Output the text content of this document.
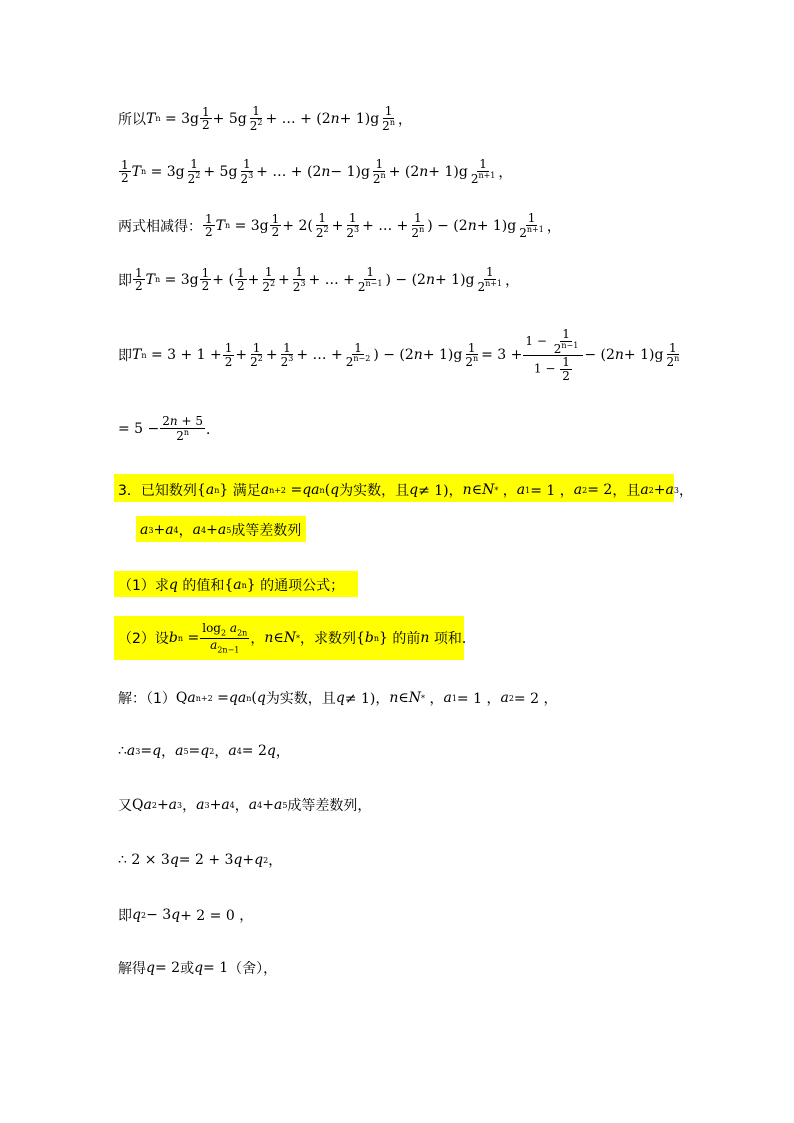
所以 T $n = 3g \frac{1}{2} + 5g \frac{1}{2^2}$ + … + (2 $n + 1)g \frac{1}{2^n}$ ，
$\frac{1}{2}$ T $n = 3g \frac{1}{2^2} + 5g \frac{1}{2^3}$ + … + (2 $n - 1)g \frac{1}{2^n} + (2$ $n + 1)g \frac{1}{2^{n+1}}$ ，
两式相减得： $\frac{1}{2}$ T $n = 3g \frac{1}{2} + 2( \frac{1}{2^2} + \frac{1}{2^3}$ + … + $\frac{1}{2^n}$ ) − (2 $n + 1)g \frac{1}{2^{n+1}}$ ，
即 $\frac{1}{2}$ T $n = 3g \frac{1}{2}$ + ( $\frac{1}{2} + \frac{1}{2^2} + \frac{1}{2^3}$ + … + $\frac{1}{2^{n-1}}$ ) − (2 $n + 1)g \frac{1}{2^{n+1}}$ ，
即 T $n = 3 + 1 + \frac{1}{2} + \frac{1}{2^2} + \frac{1}{2^3}$ + … + $\frac{1}{2^{n-2}}$ ) − (2 $n + 1)g \frac{1}{2^n} = 3 + \frac{1 - \frac{1}{2^{n-1}}}{1 - \frac{1}{2}} - (2$ $n + 1)g \frac{1}{2^n}$
= $5 - \frac{2n + 5}{2^n}$ ．
3．已知数列 { a n } 满足 a n+2 = qa n ( q 为实数，且 q ≠ 1)， n ∈ N *
， a 1 = 1 ， a 2 = 2 ，且 a 2 + a 3 ，
a 3 + a 4 ， a 4 + a 5 成等差数列
（1）求 q
的值和 { a n } 的通项公式；
（2）设 b $n = \frac{\log_2 a_{2n}}{a_{2n-1}}$ ， n ∈ N * ，求数列 { b n } 的前 n
项和．
解：（1） Q a n+2 = qa n ( q 为实数，且 q ≠ 1)， n ∈ N * ， a 1 = 1 ， a 2 = 2 ，
∴ a 3 = q ， a 5 = q 2 ， a 4 = 2 q ，
又 Q a 2 + a 3 ， a 3 + a 4 ， a 4 + a 5 成等差数列，
∴ 2 × 3 q = 2 + 3 q + q 2 ，
即 q 2 − 3 q + 2 = 0 ，
解得 q = 2 或 q = 1 （舍），
